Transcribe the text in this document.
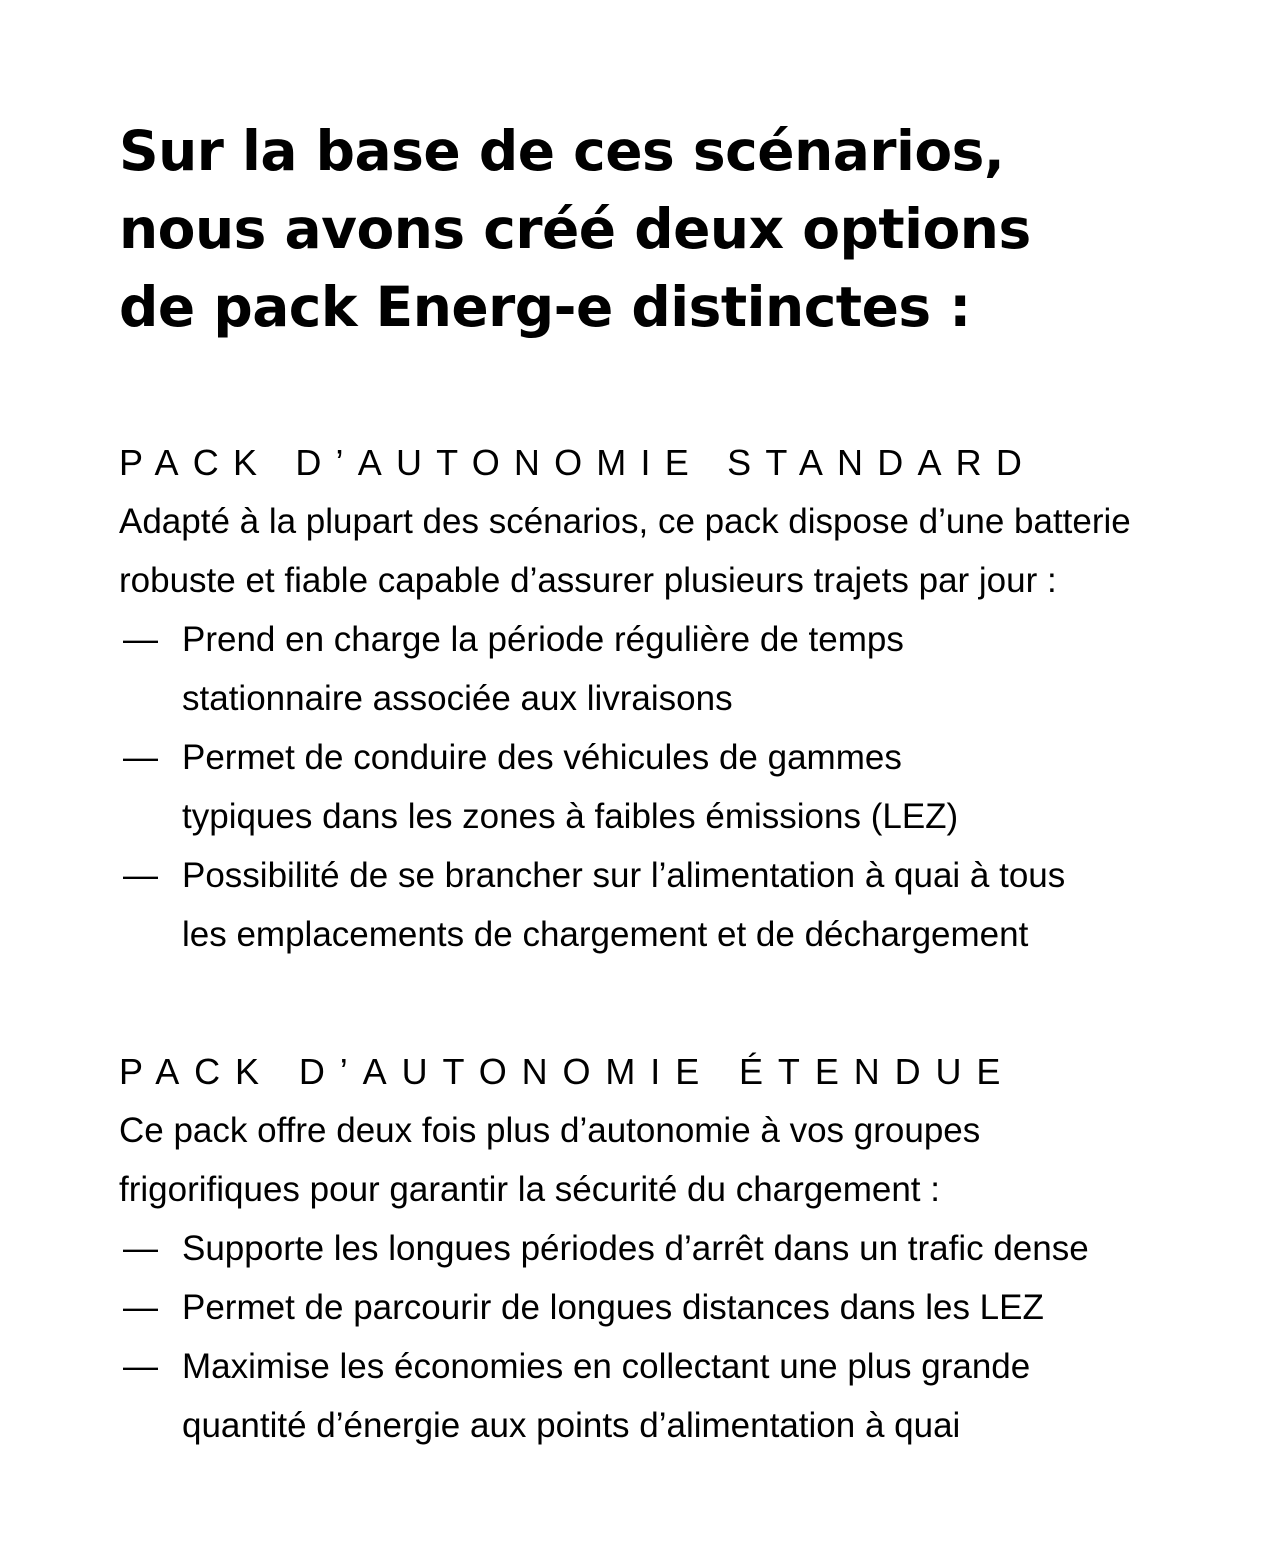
Sur la base de ces scénarios,
nous avons créé deux options
de pack Energ-e distinctes :
PACK D’AUTONOMIE STANDARD

Adapté à la plupart des scénarios, ce pack dispose d’une batterie
robuste et fiable capable d’assurer plusieurs trajets par jour :

— Prend en charge la période régulière de temps
stationnaire associée aux livraisons
— Permet de conduire des véhicules de gammes
typiques dans les zones à faibles émissions (LEZ)
— Possibilité de se brancher sur l’alimentation à quai à tous
les emplacements de chargement et de déchargement
PACK D’AUTONOMIE ÉTENDUE

Ce pack offre deux fois plus d’autonomie à vos groupes
frigorifiques pour garantir la sécurité du chargement :

— Supporte les longues périodes d’arrêt dans un trafic dense
— Permet de parcourir de longues distances dans les LEZ
— Maximise les économies en collectant une plus grande
quantité d’énergie aux points d’alimentation à quai
